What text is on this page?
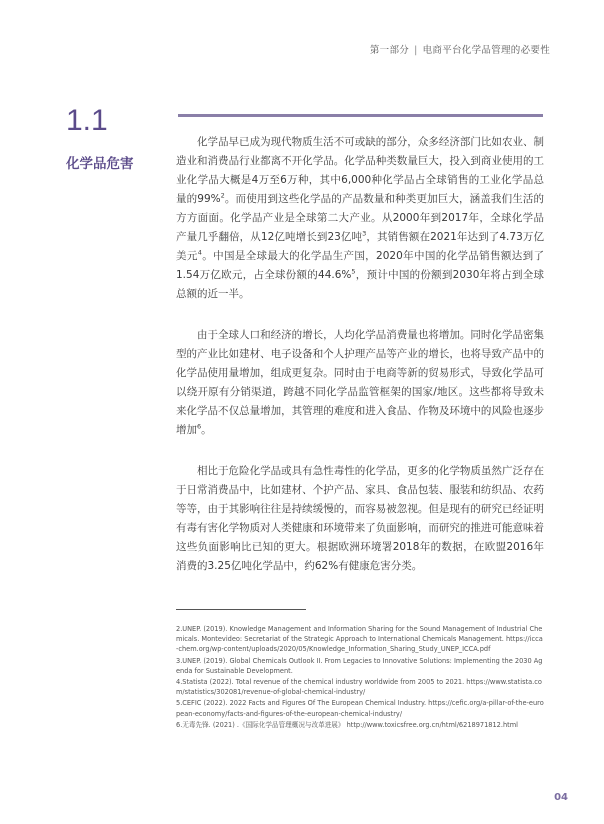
第一部分 | 电商平台化学品管理的必要性
1.1
化学品危害

化学品早已成为现代物质生活不可或缺的部分，众多经济部门比如农业、制造业和消费品行业都离不开化学品。化学品种类数量巨大，投入到商业使用的工业化学品大概是4万至6万种，其中6,000种化学品占全球销售的工业化学品总量的99%$^2$。而使用到这些化学品的产品数量和种类更加巨大，涵盖我们生活的方方面面。化学品产业是全球第二大产业。从2000年到2017年，全球化学品产量几乎翻倍，从12亿吨增长到23亿吨$^3$，其销售额在2021年达到了4.73万亿美元$^4$。中国是全球最大的化学品生产国，2020年中国的化学品销售额达到了1.54万亿欧元，占全球份额的44.6%$^5$，预计中国的份额到2030年将占到全球总额的近一半。

由于全球人口和经济的增长，人均化学品消费量也将增加。同时化学品密集型的产业比如建材、电子设备和个人护理产品等产业的增长，也将导致产品中的化学品使用量增加，组成更复杂。同时由于电商等新的贸易形式，导致化学品可以绕开原有分销渠道，跨越不同化学品监管框架的国家/地区。这些都将导致未来化学品不仅总量增加，其管理的难度和进入食品、作物及环境中的风险也逐步增加$^6$。

相比于危险化学品或具有急性毒性的化学品，更多的化学物质虽然广泛存在于日常消费品中，比如建材、个护产品、家具、食品包装、服装和纺织品、农药等等，由于其影响往往是持续缓慢的，而容易被忽视。但是现有的研究已经证明有毒有害化学物质对人类健康和环境带来了负面影响，而研究的推进可能意味着这些负面影响比已知的更大。根据欧洲环境署2018年的数据，在欧盟2016年消费的3.25亿吨化学品中，约62%有健康危害分类。

2.UNEP. (2019). Knowledge Management and Information Sharing for the Sound Management of Industrial Chemicals. Montevideo: Secretariat of the Strategic Approach to International Chemicals Management. https://icca-chem.org/wp-content/uploads/2020/05/Knowledge_Information_Sharing_Study_UNEP_ICCA.pdf

3.UNEP. (2019). Global Chemicals Outlook II. From Legacies to Innovative Solutions: Implementing the 2030 Agenda for Sustainable Development.

4.Statista (2022). Total revenue of the chemical industry worldwide from 2005 to 2021. https://www.statista.com/statistics/302081/revenue-of-global-chemical-industry/

5.CEFIC (2022). 2022 Facts and Figures Of The European Chemical Industry. https://cefic.org/a-pillar-of-the-european-economy/facts-and-figures-of-the-european-chemical-industry/

6.无毒先锋. (2021) .《国际化学品管理概况与改革进展》 http://www.toxicsfree.org.cn/html/6218971812.html

04
